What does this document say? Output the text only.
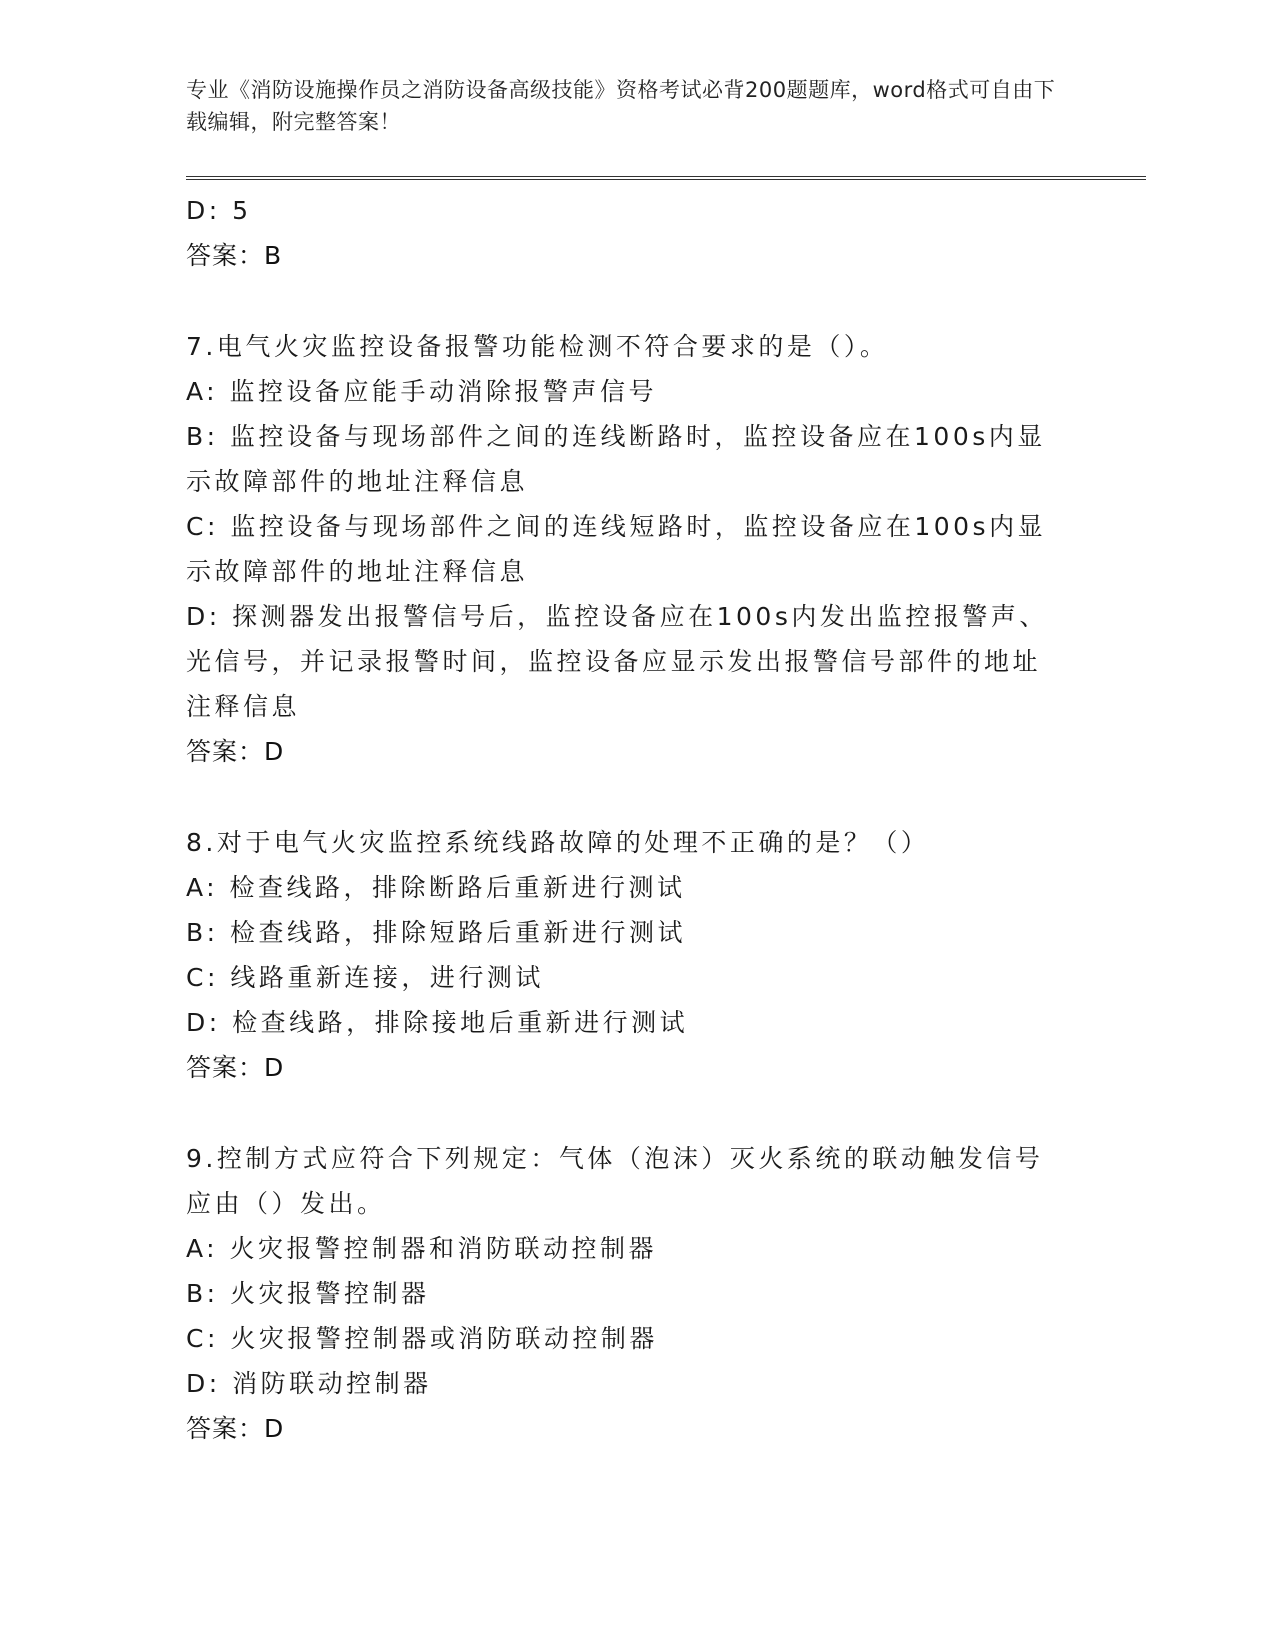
专业《消防设施操作员之消防设备高级技能》资格考试必背200题题库，word格式可自由下载编辑，附完整答案！
D: 5
答案：B
7.电气火灾监控设备报警功能检测不符合要求的是（）。
A: 监控设备应能手动消除报警声信号
B: 监控设备与现场部件之间的连线断路时，监控设备应在100s内显示故障部件的地址注释信息
C: 监控设备与现场部件之间的连线短路时，监控设备应在100s内显示故障部件的地址注释信息
D: 探测器发出报警信号后，监控设备应在100s内发出监控报警声、光信号，并记录报警时间，监控设备应显示发出报警信号部件的地址注释信息
答案：D
8.对于电气火灾监控系统线路故障的处理不正确的是？（）
A: 检查线路，排除断路后重新进行测试
B: 检查线路，排除短路后重新进行测试
C: 线路重新连接，进行测试
D: 检查线路，排除接地后重新进行测试
答案：D
9.控制方式应符合下列规定：气体（泡沫）灭火系统的联动触发信号应由（）发出。
A: 火灾报警控制器和消防联动控制器
B: 火灾报警控制器
C: 火灾报警控制器或消防联动控制器
D: 消防联动控制器
答案：D
